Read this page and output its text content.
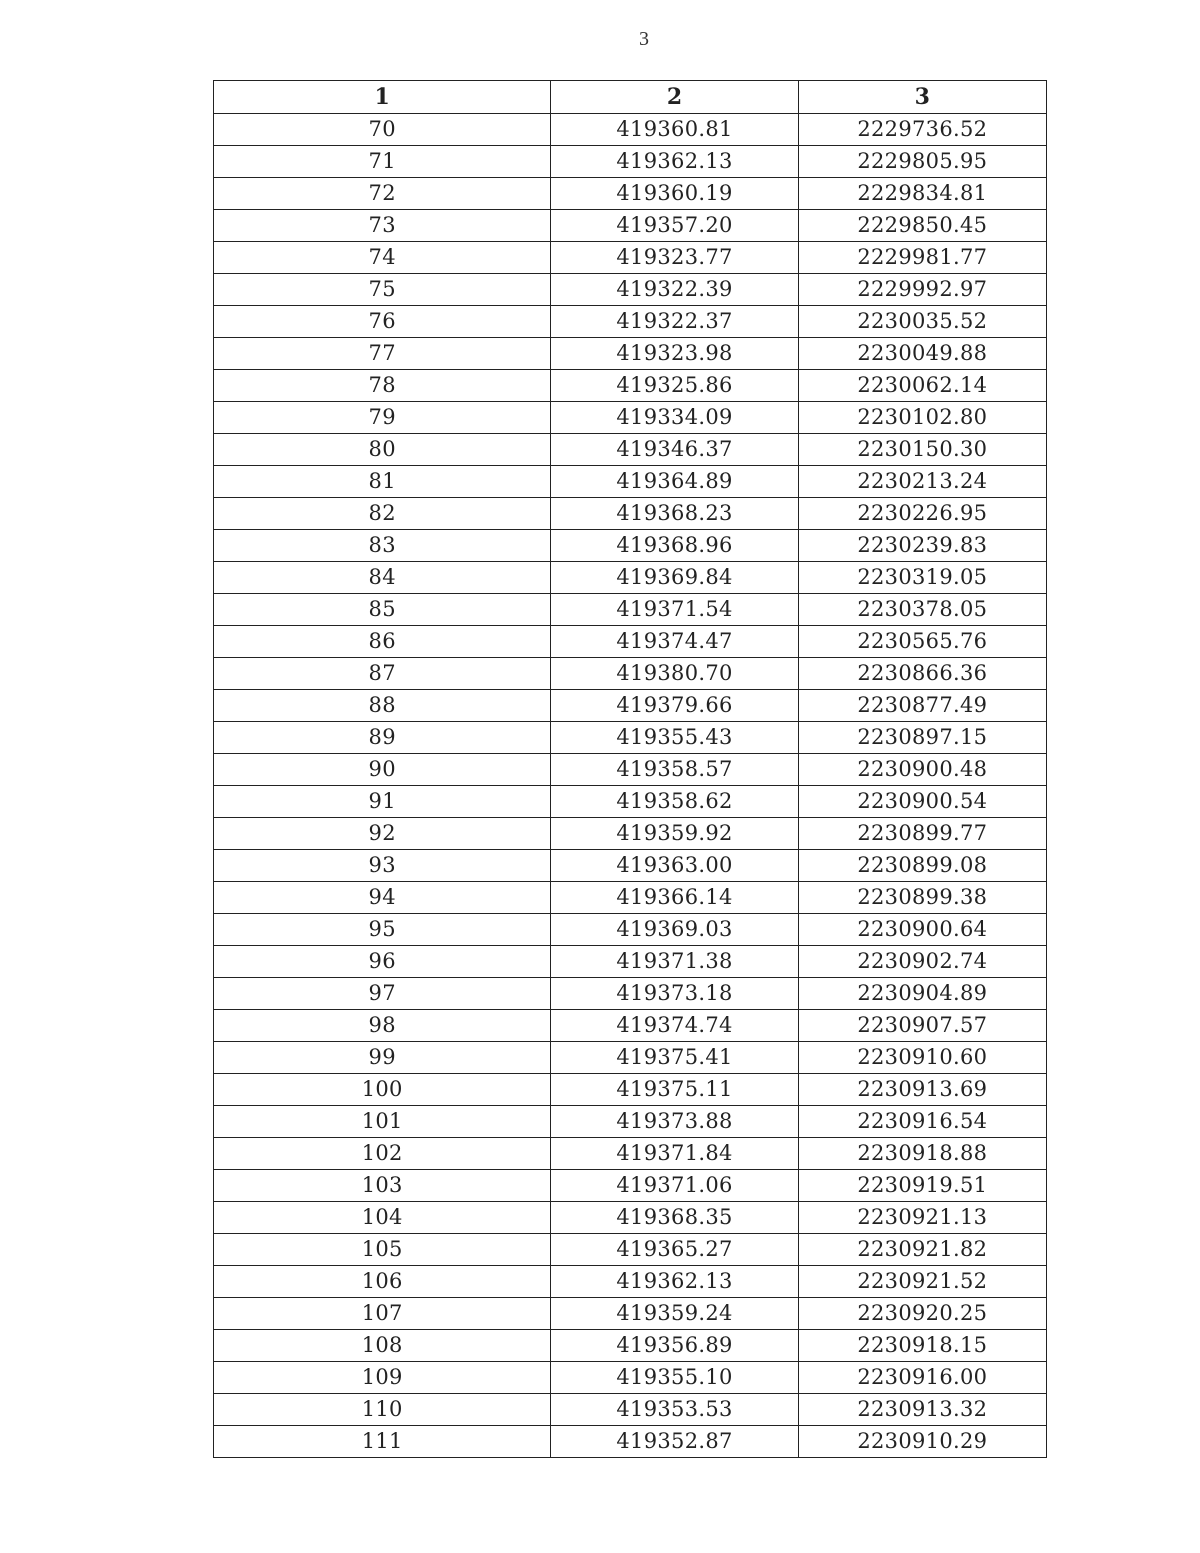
3
1	2	3
70	419360.81	2229736.52
71	419362.13	2229805.95
72	419360.19	2229834.81
73	419357.20	2229850.45
74	419323.77	2229981.77
75	419322.39	2229992.97
76	419322.37	2230035.52
77	419323.98	2230049.88
78	419325.86	2230062.14
79	419334.09	2230102.80
80	419346.37	2230150.30
81	419364.89	2230213.24
82	419368.23	2230226.95
83	419368.96	2230239.83
84	419369.84	2230319.05
85	419371.54	2230378.05
86	419374.47	2230565.76
87	419380.70	2230866.36
88	419379.66	2230877.49
89	419355.43	2230897.15
90	419358.57	2230900.48
91	419358.62	2230900.54
92	419359.92	2230899.77
93	419363.00	2230899.08
94	419366.14	2230899.38
95	419369.03	2230900.64
96	419371.38	2230902.74
97	419373.18	2230904.89
98	419374.74	2230907.57
99	419375.41	2230910.60
100	419375.11	2230913.69
101	419373.88	2230916.54
102	419371.84	2230918.88
103	419371.06	2230919.51
104	419368.35	2230921.13
105	419365.27	2230921.82
106	419362.13	2230921.52
107	419359.24	2230920.25
108	419356.89	2230918.15
109	419355.10	2230916.00
110	419353.53	2230913.32
111	419352.87	2230910.29
